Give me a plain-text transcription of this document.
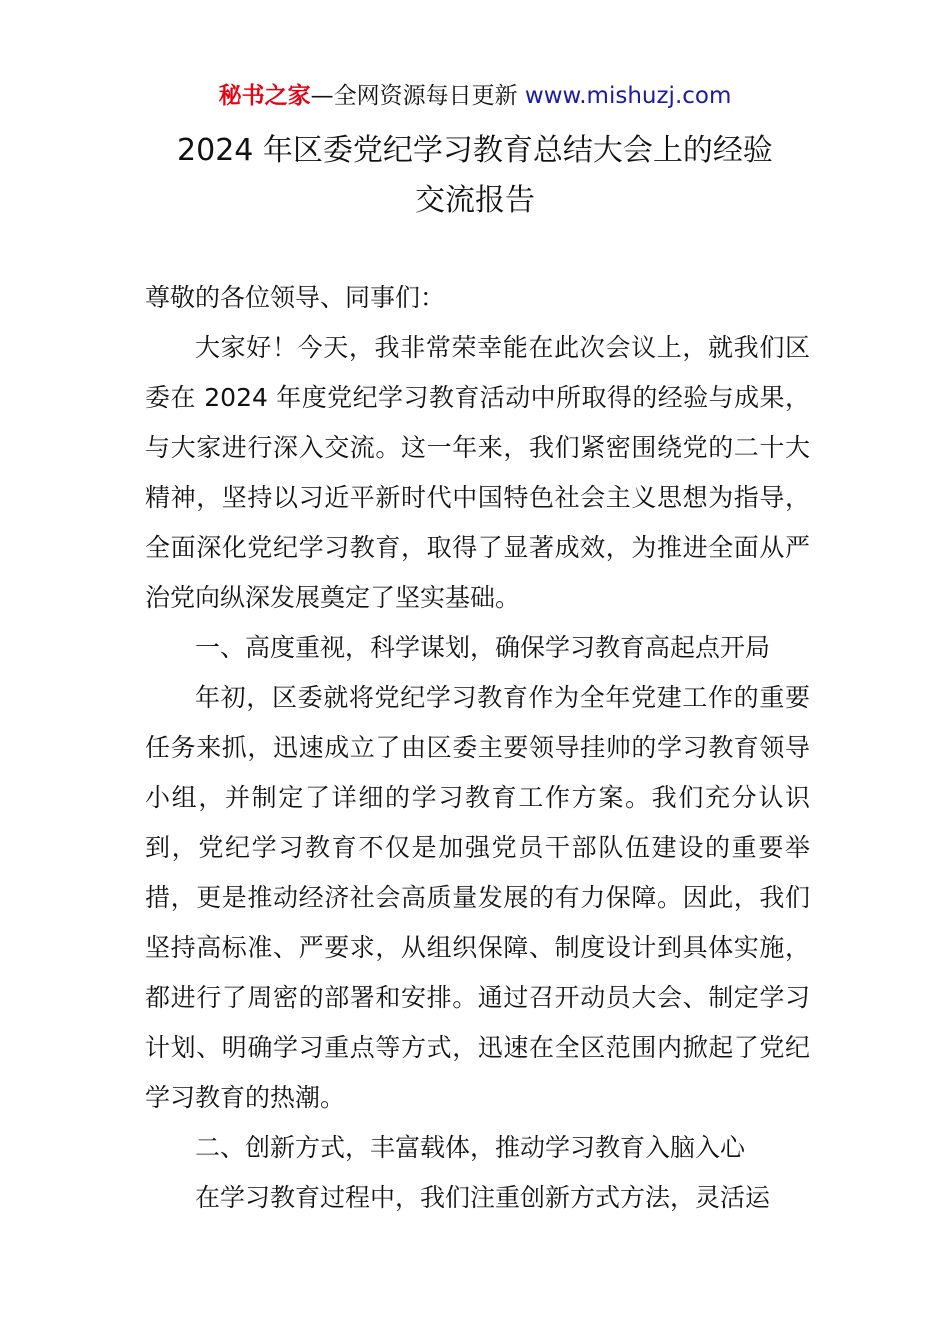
秘书之家—全网资源每日更新 www.mishuzj.com
2024 年区委党纪学习教育总结大会上的经验
交流报告

尊敬的各位领导、同事们：

大家好！今天，我非常荣幸能在此次会议上，就我们区委在 2024 年度党纪学习教育活动中所取得的经验与成果，与大家进行深入交流。这一年来，我们紧密围绕党的二十大精神，坚持以习近平新时代中国特色社会主义思想为指导，全面深化党纪学习教育，取得了显著成效，为推进全面从严治党向纵深发展奠定了坚实基础。

一、高度重视，科学谋划，确保学习教育高起点开局

年初，区委就将党纪学习教育作为全年党建工作的重要任务来抓，迅速成立了由区委主要领导挂帅的学习教育领导小组，并制定了详细的学习教育工作方案。我们充分认识到，党纪学习教育不仅是加强党员干部队伍建设的重要举措，更是推动经济社会高质量发展的有力保障。因此，我们坚持高标准、严要求，从组织保障、制度设计到具体实施，都进行了周密的部署和安排。通过召开动员大会、制定学习计划、明确学习重点等方式，迅速在全区范围内掀起了党纪学习教育的热潮。

二、创新方式，丰富载体，推动学习教育入脑入心

在学习教育过程中，我们注重创新方式方法，灵活运
